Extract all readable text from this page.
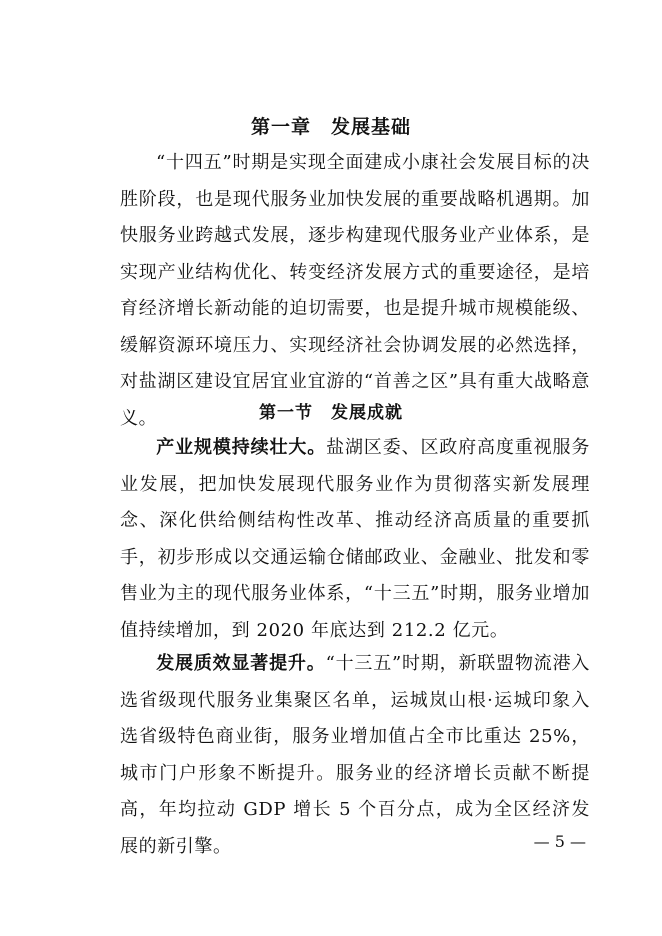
第一章　发展基础

“十四五”时期是实现全面建成小康社会发展目标的决胜阶段，也是现代服务业加快发展的重要战略机遇期。加快服务业跨越式发展，逐步构建现代服务业产业体系，是实现产业结构优化、转变经济发展方式的重要途径，是培育经济增长新动能的迫切需要，也是提升城市规模能级、缓解资源环境压力、实现经济社会协调发展的必然选择，对盐湖区建设宜居宜业宜游的“首善之区”具有重大战略意义。	第一节　发展成就

产业规模持续壮大。盐湖区委、区政府高度重视服务业发展，把加快发展现代服务业作为贯彻落实新发展理念、深化供给侧结构性改革、推动经济高质量的重要抓手，初步形成以交通运输仓储邮政业、金融业、批发和零售业为主的现代服务业体系，“十三五”时期，服务业增加值持续增加，到 2020 年底达到 212.2 亿元。

发展质效显著提升。“十三五”时期，新联盟物流港入选省级现代服务业集聚区名单，运城岚山根·运城印象入选省级特色商业街，服务业增加值占全市比重达 25%，城市门户形象不断提升。服务业的经济增长贡献不断提高，年均拉动 GDP 增长 5 个百分点，成为全区经济发展的新引擎。	— 5 —
